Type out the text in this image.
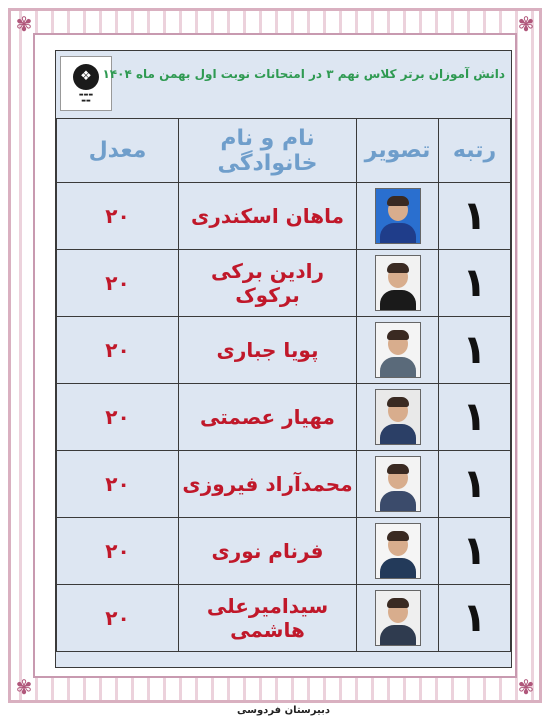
✾	✾
✾	✾
❖
▬▬▬
▬▬
دانش آموزان برتر کلاس نهم ۳ در امتحانات نوبت اول بهمن ماه ۱۴۰۴
رتبه	تصویر	نام و نام خانوادگی	معدل
۱		ماهان اسکندری	۲۰
۱		رادین برکی برکوک	۲۰
۱		پویا جباری	۲۰
۱		مهیار عصمتی	۲۰
۱		محمدآراد فیروزی	۲۰
۱		فرنام نوری	۲۰
۱		سیدامیرعلی هاشمی	۲۰
دبیرستان فردوسی
